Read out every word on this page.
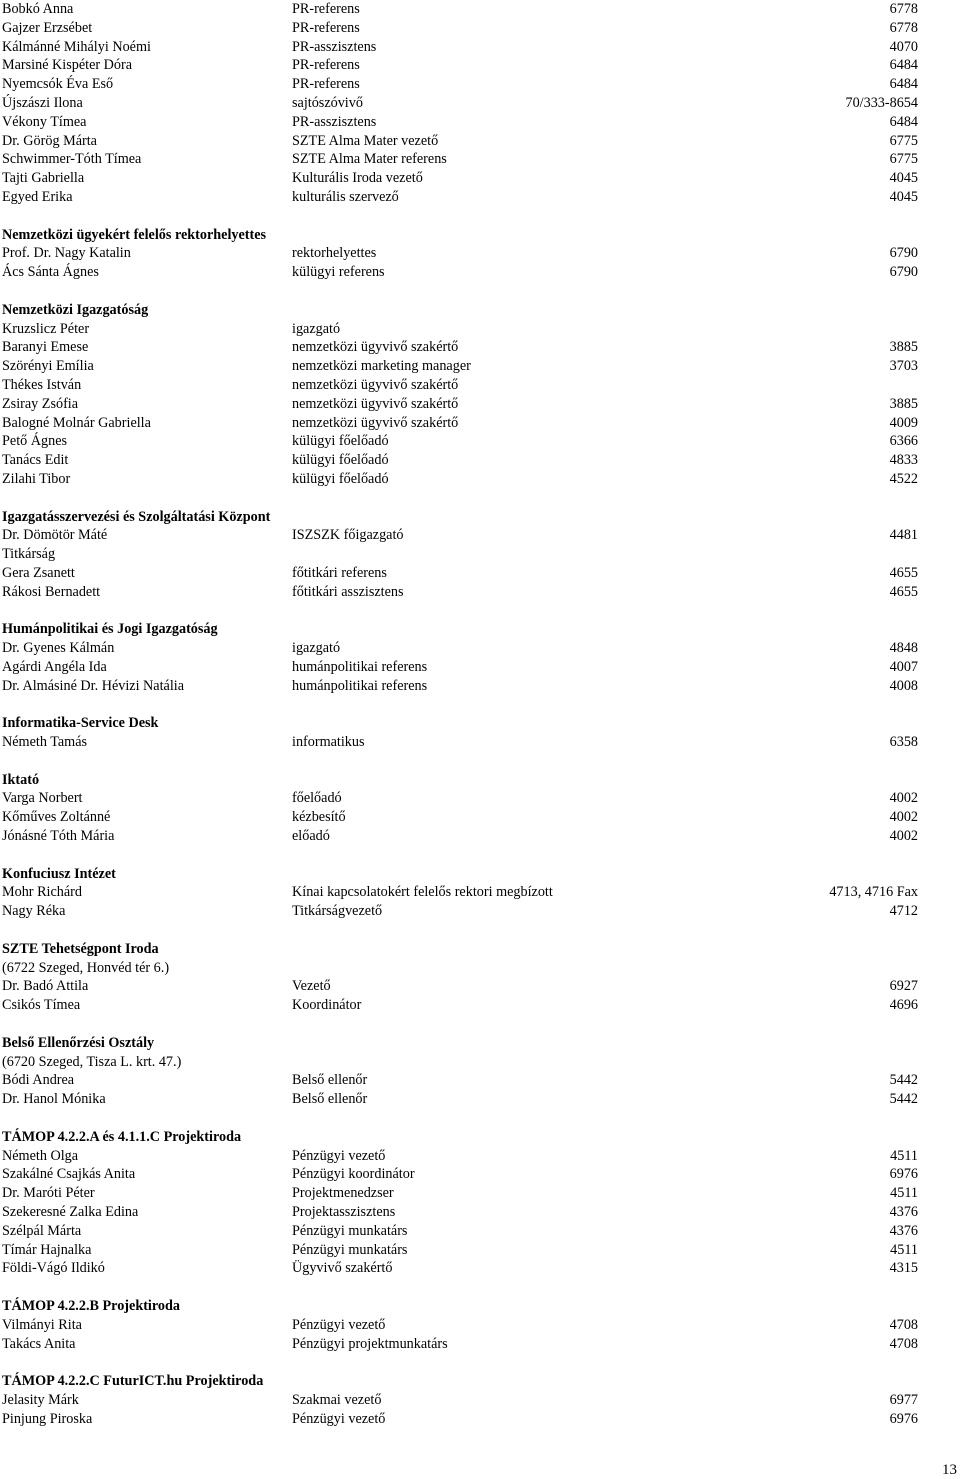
Bobkó Anna	PR-referens	6778
Gajzer Erzsébet	PR-referens	6778
Kálmánné Mihályi Noémi	PR-asszisztens	4070
Marsiné Kispéter Dóra	PR-referens	6484
Nyemcsók Éva Eső	PR-referens	6484
Újszászi Ilona	sajtószóvivő	70/333-8654
Vékony Tímea	PR-asszisztens	6484
Dr. Görög Márta	SZTE Alma Mater vezető	6775
Schwimmer-Tóth Tímea	SZTE Alma Mater referens	6775
Tajti Gabriella	Kulturális Iroda vezető	4045
Egyed Erika	kulturális szervező	4045
Nemzetközi ügyekért felelős rektorhelyettes
Prof. Dr. Nagy Katalin	rektorhelyettes	6790
Ács Sánta Ágnes	külügyi referens	6790
Nemzetközi Igazgatóság
Kruzslicz Péter	igazgató
Baranyi Emese	nemzetközi ügyvivő szakértő	3885
Szörényi Emília	nemzetközi marketing manager	3703
Thékes István	nemzetközi ügyvivő szakértő
Zsiray Zsófia	nemzetközi ügyvivő szakértő	3885
Balogné Molnár Gabriella	nemzetközi ügyvivő szakértő	4009
Pető Ágnes	külügyi főelőadó	6366
Tanács Edit	külügyi főelőadó	4833
Zilahi Tibor	külügyi főelőadó	4522
Igazgatásszervezési és Szolgáltatási Központ
Dr. Dömötör Máté	ISZSZK főigazgató	4481
Titkárság
Gera Zsanett	főtitkári referens	4655
Rákosi Bernadett	főtitkári asszisztens	4655
Humánpolitikai és Jogi Igazgatóság
Dr. Gyenes Kálmán	igazgató	4848
Agárdi Angéla Ida	humánpolitikai referens	4007
Dr. Almásiné Dr. Hévizi Natália	humánpolitikai referens	4008
Informatika-Service Desk
Németh Tamás	informatikus	6358
Iktató
Varga Norbert	főelőadó	4002
Kőműves Zoltánné	kézbesítő	4002
Jónásné Tóth Mária	előadó	4002
Konfuciusz Intézet
Mohr Richárd	Kínai kapcsolatokért felelős rektori megbízott	4713, 4716 Fax
Nagy Réka	Titkárságvezető	4712
SZTE Tehetségpont Iroda
(6722 Szeged, Honvéd tér 6.)
Dr. Badó Attila	Vezető	6927
Csikós Tímea	Koordinátor	4696
Belső Ellenőrzési Osztály
(6720 Szeged, Tisza L. krt. 47.)
Bódi Andrea	Belső ellenőr	5442
Dr. Hanol Mónika	Belső ellenőr	5442
TÁMOP 4.2.2.A és 4.1.1.C Projektiroda
Németh Olga	Pénzügyi vezető	4511
Szakálné Csajkás Anita	Pénzügyi koordinátor	6976
Dr. Maróti Péter	Projektmenedzser	4511
Szekeresné Zalka Edina	Projektasszisztens	4376
Szélpál Márta	Pénzügyi munkatárs	4376
Tímár Hajnalka	Pénzügyi munkatárs	4511
Földi-Vágó Ildikó	Ügyvivő szakértő	4315
TÁMOP 4.2.2.B Projektiroda
Vilmányi Rita	Pénzügyi vezető	4708
Takács Anita	Pénzügyi projektmunkatárs	4708
TÁMOP 4.2.2.C FuturICT.hu Projektiroda
Jelasity Márk	Szakmai vezető	6977
Pinjung Piroska	Pénzügyi vezető	6976
13
